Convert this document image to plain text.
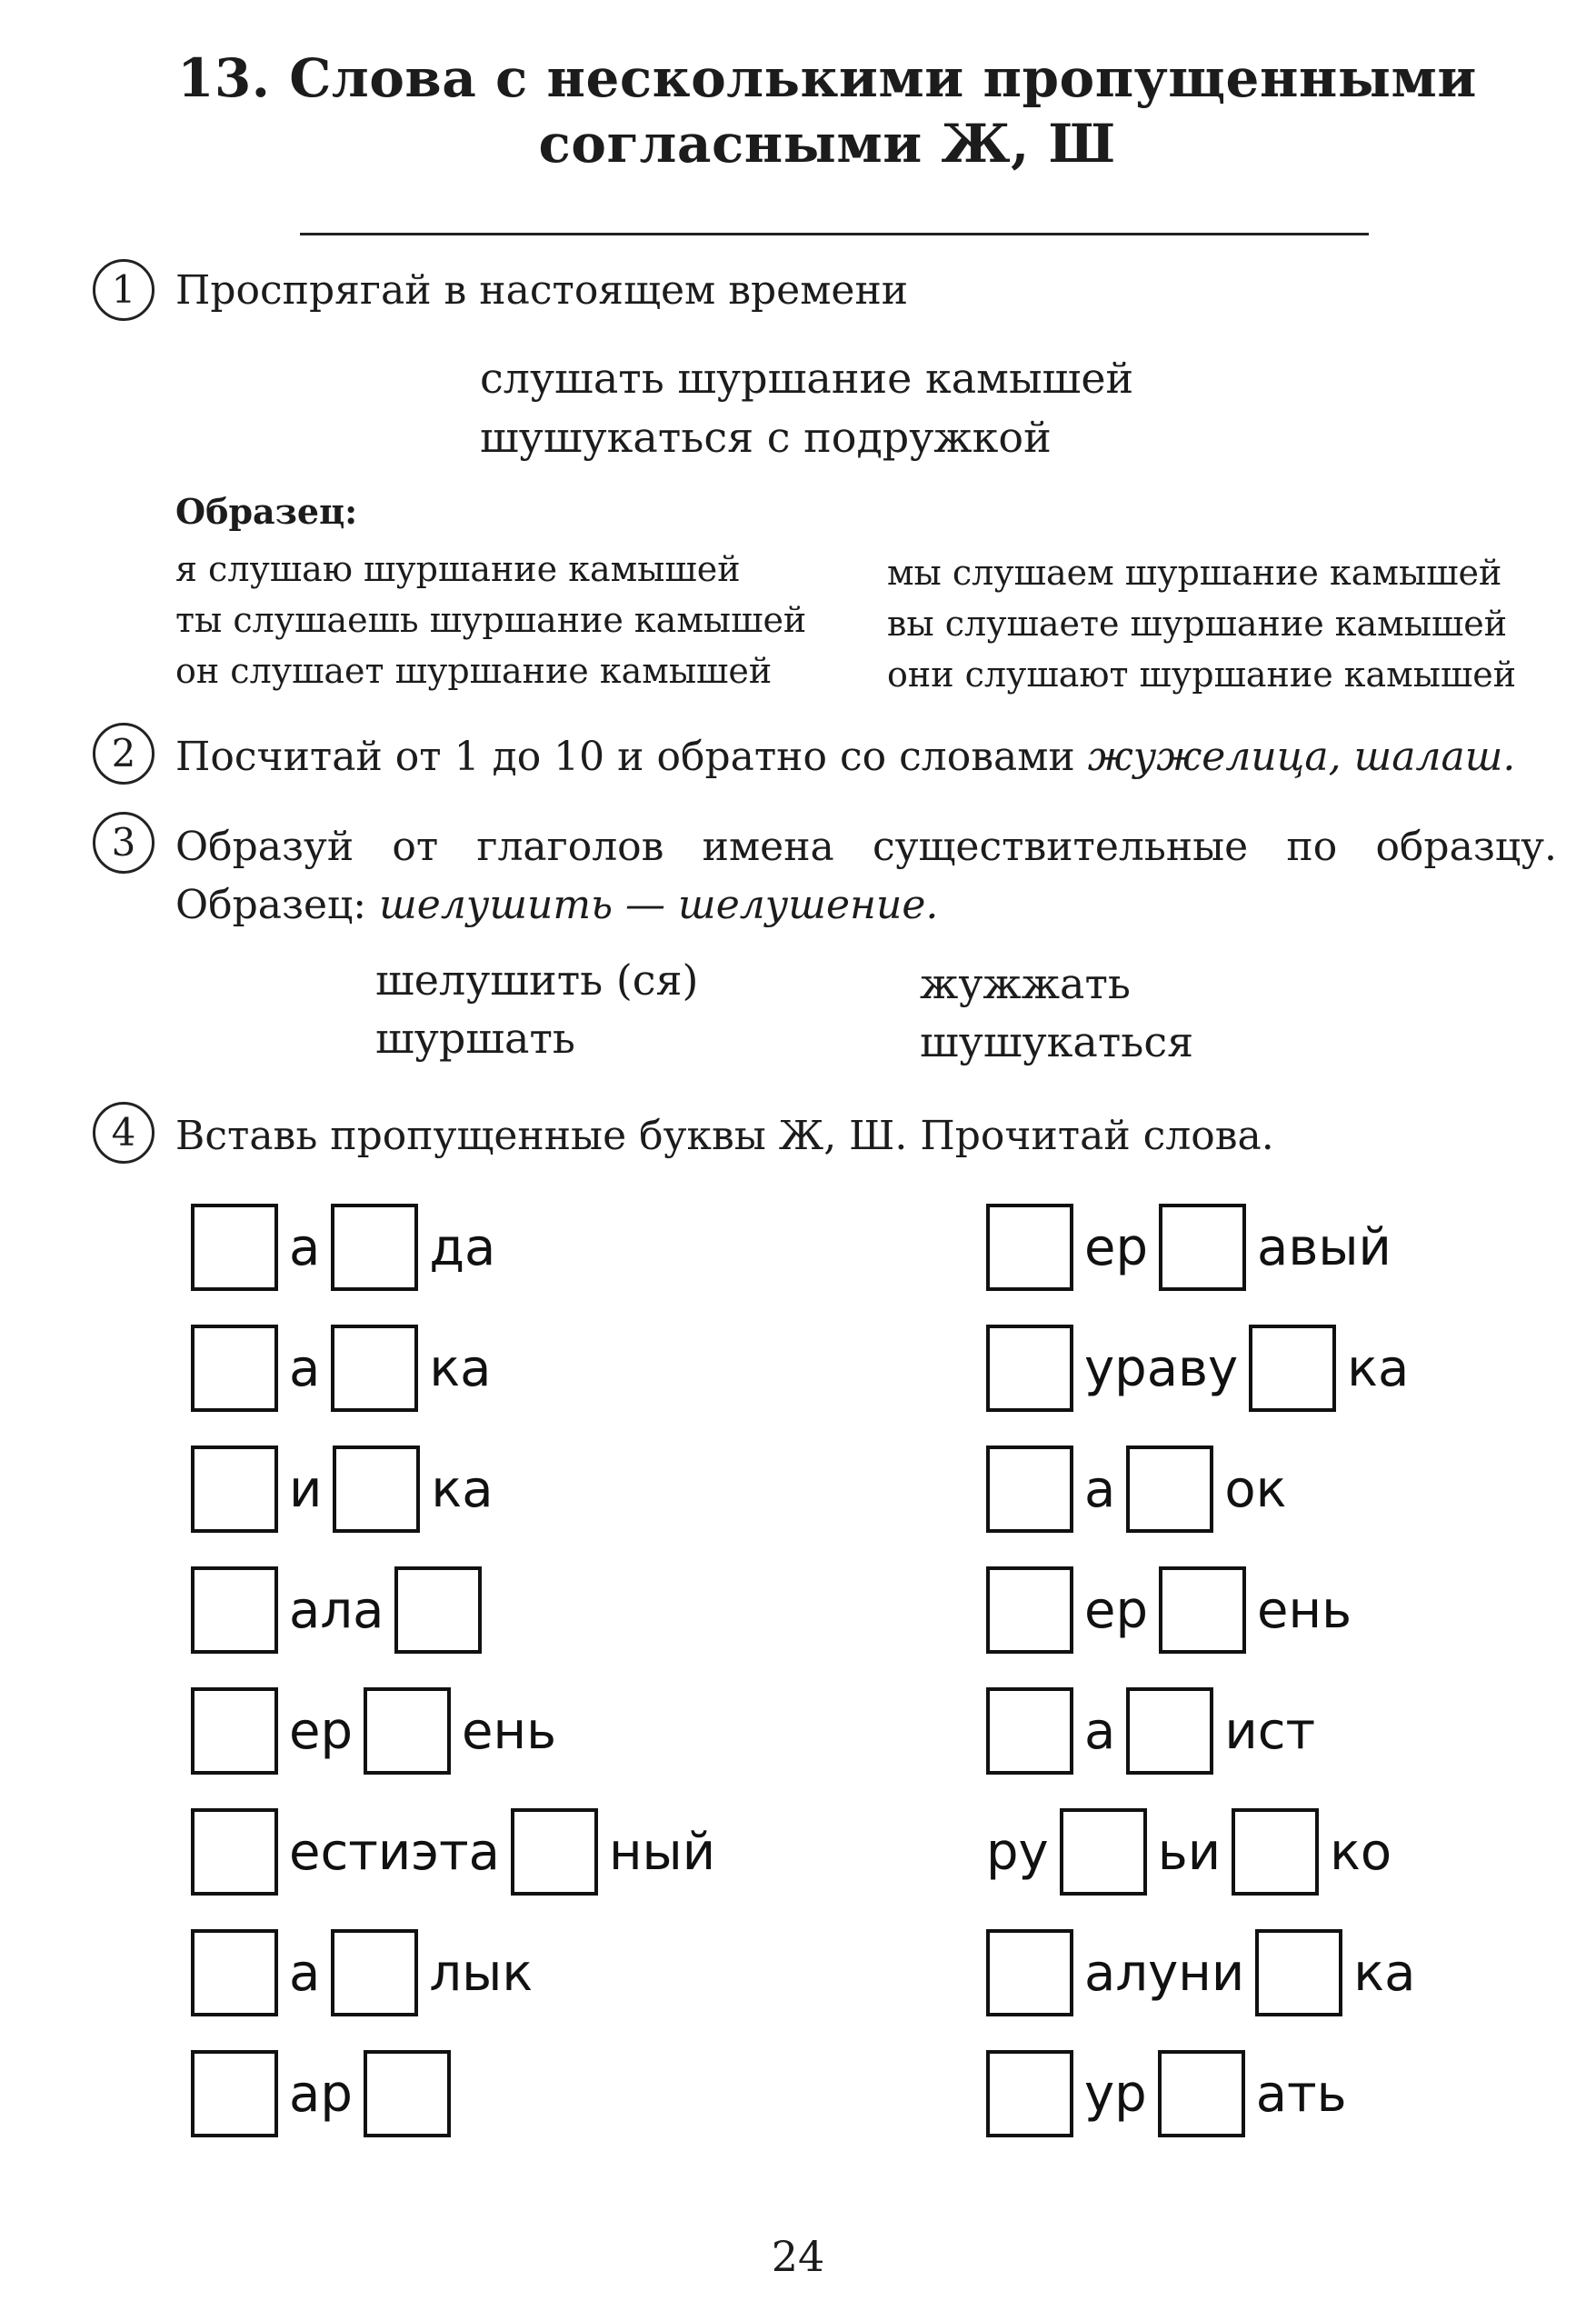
13. Слова с несколькими пропущенными
согласными Ж, Ш
1 Проспрягай в настоящем времени
слушать шуршание камышей
шушукаться с подружкой
Образец:
я слушаю шуршание камышей
ты слушаешь шуршание камышей
он слушает шуршание камышей
мы слушаем шуршание камышей
вы слушаете шуршание камышей
они слушают шуршание камышей
2 Посчитай от 1 до 10 и обратно со словами жужелица, шалаш.
3 Образуй от глаголов имена существительные по образцу. Образец: шелушить — шелушение.
шелушить (ся)
шуршать
жужжать
шушукаться
4 Вставь пропущенные буквы Ж, Ш. Прочитай слова.
а да
а ка
и ка
ала
ер ень
естиэта ный
а лык
ар
ер авый
ураву ка
а ок
ер ень
а ист
ру ьи ко
алуни ка
ур ать
24
